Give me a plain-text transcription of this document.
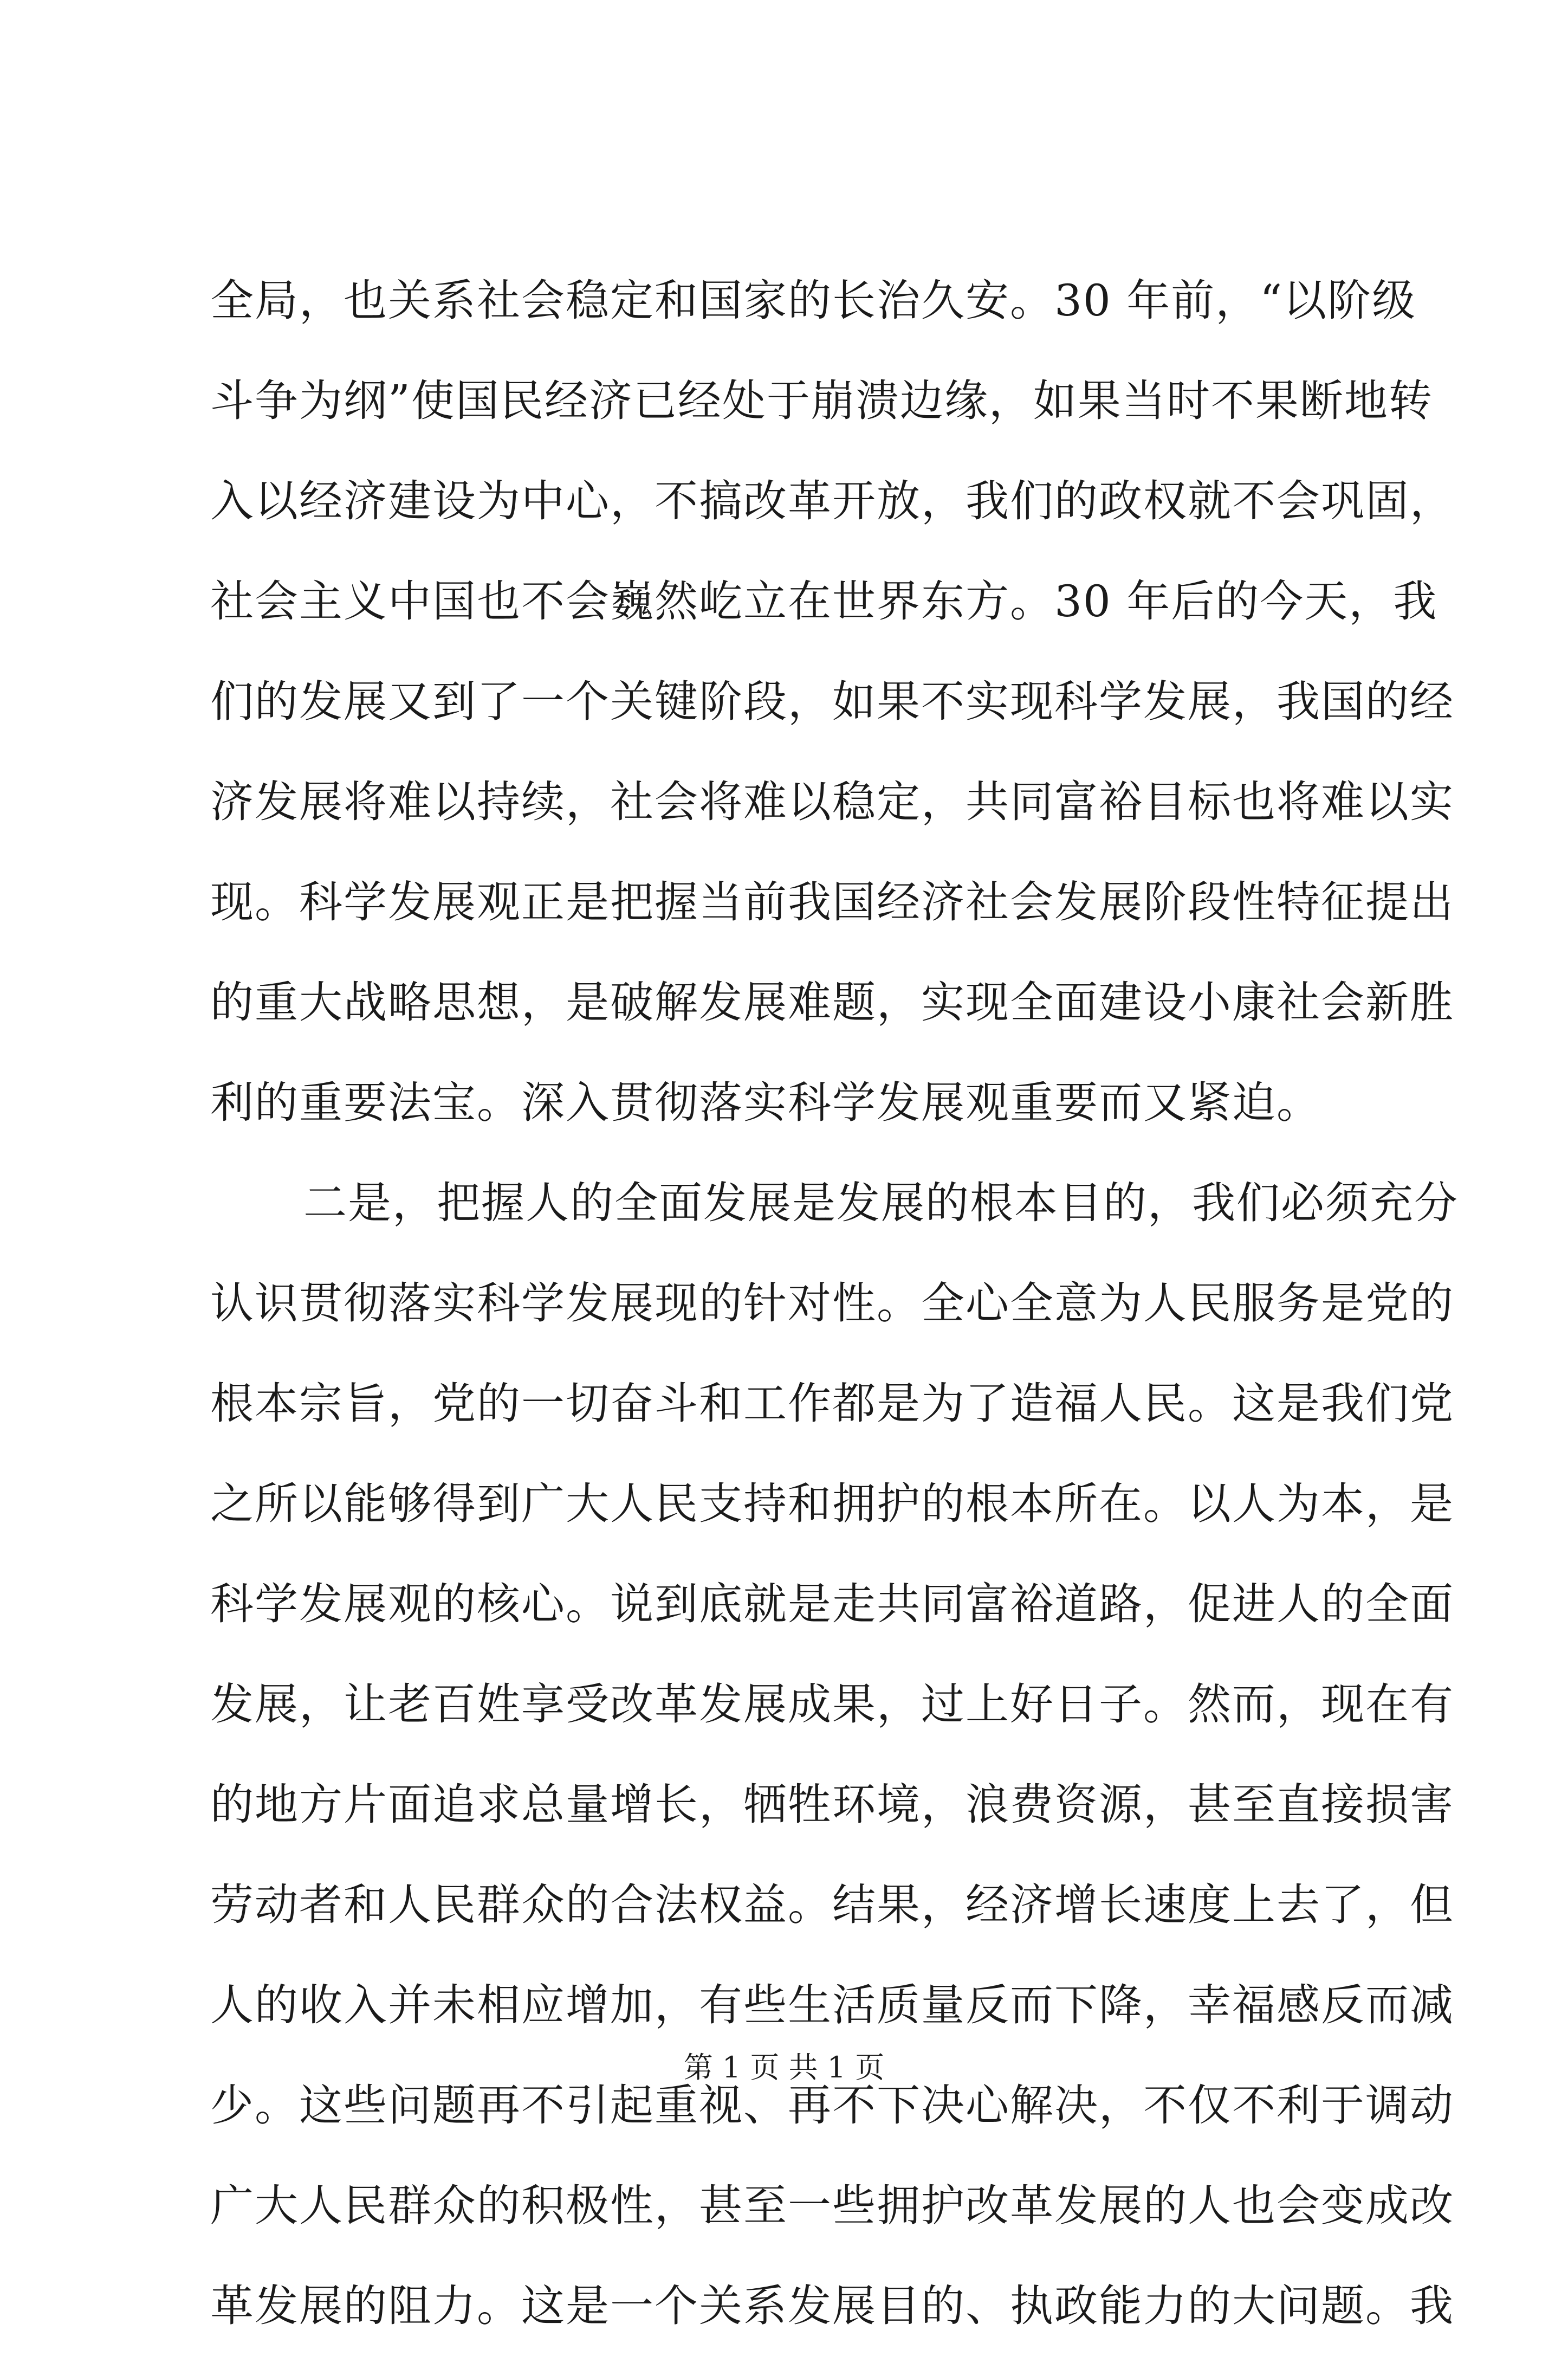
全局，也关系社会稳定和国家的长治久安。30 年前，“以阶级
斗争为纲”使国民经济已经处于崩溃边缘，如果当时不果断地转
入以经济建设为中心，不搞改革开放，我们的政权就不会巩固，
社会主义中国也不会巍然屹立在世界东方。30 年后的今天，我
们的发展又到了一个关键阶段，如果不实现科学发展，我国的经
济发展将难以持续，社会将难以稳定，共同富裕目标也将难以实
现。科学发展观正是把握当前我国经济社会发展阶段性特征提出
的重大战略思想，是破解发展难题，实现全面建设小康社会新胜
利的重要法宝。深入贯彻落实科学发展观重要而又紧迫。
二是，把握人的全面发展是发展的根本目的，我们必须充分
认识贯彻落实科学发展现的针对性。全心全意为人民服务是党的
根本宗旨，党的一切奋斗和工作都是为了造福人民。这是我们党
之所以能够得到广大人民支持和拥护的根本所在。以人为本，是
科学发展观的核心。说到底就是走共同富裕道路，促进人的全面
发展，让老百姓享受改革发展成果，过上好日子。然而，现在有
的地方片面追求总量增长，牺牲环境，浪费资源，甚至直接损害
劳动者和人民群众的合法权益。结果，经济增长速度上去了，但
人的收入并未相应增加，有些生活质量反而下降，幸福感反而减
少。这些问题再不引起重视、再不下决心解决，不仅不利于调动
广大人民群众的积极性，甚至一些拥护改革发展的人也会变成改
革发展的阻力。这是一个关系发展目的、执政能力的大问题。我
第 1 页 共 1 页
